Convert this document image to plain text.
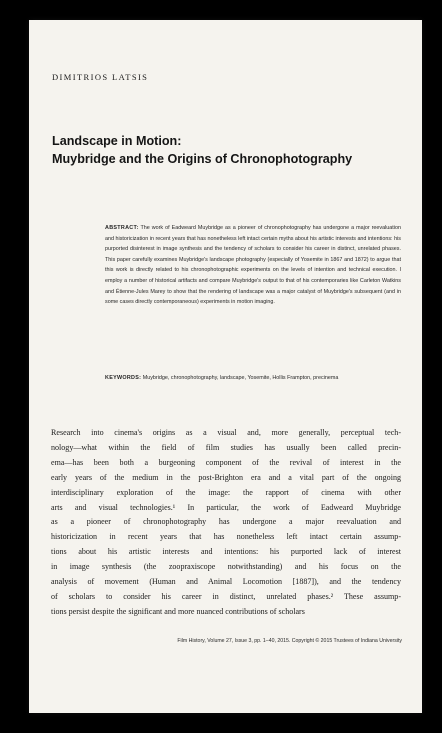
DIMITRIOS LATSIS
Landscape in Motion:
Muybridge and the Origins of Chronophotography
ABSTRACT: The work of Eadweard Muybridge as a pioneer of chronophotography has undergone a major reevaluation and historicization in recent years that has nonetheless left intact certain myths about his artistic interests and intentions: his purported disinterest in image synthesis and the tendency of scholars to consider his career in distinct, unrelated phases. This paper carefully examines Muybridge's landscape photography (especially of Yosemite in 1867 and 1872) to argue that this work is directly related to his chronophotographic experiments on the levels of intention and technical execution. I employ a number of historical artifacts and compare Muybridge's output to that of his contemporaries like Carleton Watkins and Étienne-Jules Marey to show that the rendering of landscape was a major catalyst of Muybridge's subsequent (and in some cases directly contemporaneous) experiments in motion imaging.
KEYWORDS: Muybridge, chronophotography, landscape, Yosemite, Hollis Frampton, precinema
Research into cinema's origins as a visual and, more generally, perceptual tech-
nology—what within the field of film studies has usually been called precin-
ema—has been both a burgeoning component of the revival of interest in the
early years of the medium in the post-Brighton era and a vital part of the ongoing
interdisciplinary exploration of the image: the rapport of cinema with other
arts and visual technologies.¹ In particular, the work of Eadweard Muybridge
as a pioneer of chronophotography has undergone a major reevaluation and
historicization in recent years that has nonetheless left intact certain assump-
tions about his artistic interests and intentions: his purported lack of interest
in image synthesis (the zoopraxiscope notwithstanding) and his focus on the
analysis of movement (Human and Animal Locomotion [1887]), and the tendency
of scholars to consider his career in distinct, unrelated phases.² These assump-
tions persist despite the significant and more nuanced contributions of scholars
Film History, Volume 27, Issue 3, pp. 1–40, 2015. Copyright © 2015 Trustees of Indiana University
